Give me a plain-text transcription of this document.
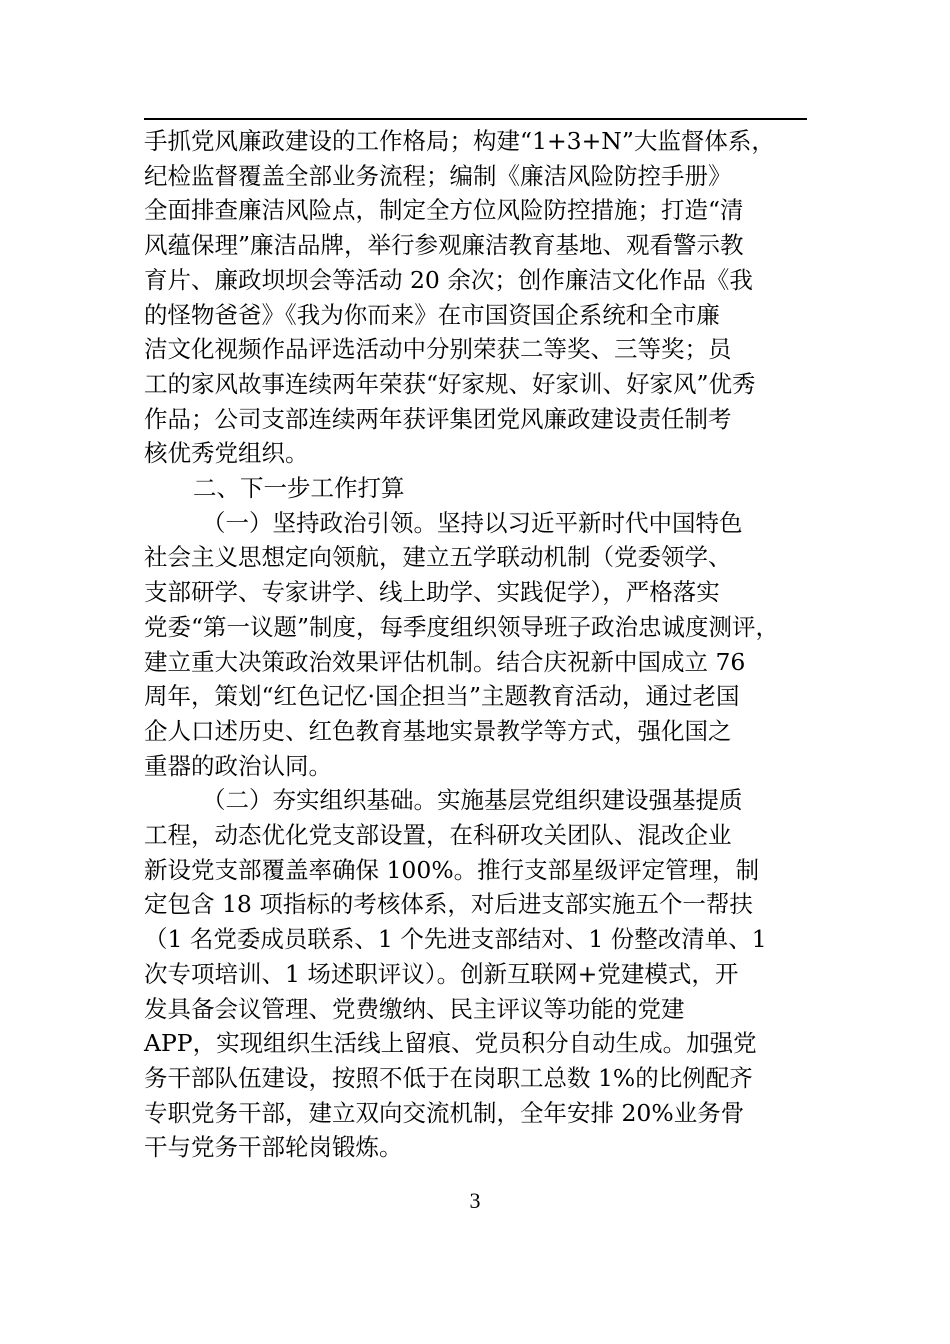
手抓党风廉政建设的工作格局；构建“1+3+N”大监督体系，
纪检监督覆盖全部业务流程；编制《廉洁风险防控手册》
全面排查廉洁风险点，制定全方位风险防控措施；打造“清
风蕴保理”廉洁品牌，举行参观廉洁教育基地、观看警示教
育片、廉政坝坝会等活动 20 余次；创作廉洁文化作品《我
的怪物爸爸》《我为你而来》在市国资国企系统和全市廉
洁文化视频作品评选活动中分别荣获二等奖、三等奖；员
工的家风故事连续两年荣获“好家规、好家训、好家风”优秀
作品；公司支部连续两年获评集团党风廉政建设责任制考
核优秀党组织。

二、下一步工作打算

（一）坚持政治引领。坚持以习近平新时代中国特色
社会主义思想定向领航，建立五学联动机制（党委领学、
支部研学、专家讲学、线上助学、实践促学），严格落实
党委“第一议题”制度，每季度组织领导班子政治忠诚度测评，
建立重大决策政治效果评估机制。结合庆祝新中国成立 76
周年，策划“红色记忆·国企担当”主题教育活动，通过老国
企人口述历史、红色教育基地实景教学等方式，强化国之
重器的政治认同。

（二）夯实组织基础。实施基层党组织建设强基提质
工程，动态优化党支部设置，在科研攻关团队、混改企业
新设党支部覆盖率确保 100%。推行支部星级评定管理，制
定包含 18 项指标的考核体系，对后进支部实施五个一帮扶
（1 名党委成员联系、1 个先进支部结对、1 份整改清单、1
次专项培训、1 场述职评议）。创新互联网+党建模式，开
发具备会议管理、党费缴纳、民主评议等功能的党建
APP，实现组织生活线上留痕、党员积分自动生成。加强党
务干部队伍建设，按照不低于在岗职工总数 1%的比例配齐
专职党务干部，建立双向交流机制，全年安排 20%业务骨
干与党务干部轮岗锻炼。

3
